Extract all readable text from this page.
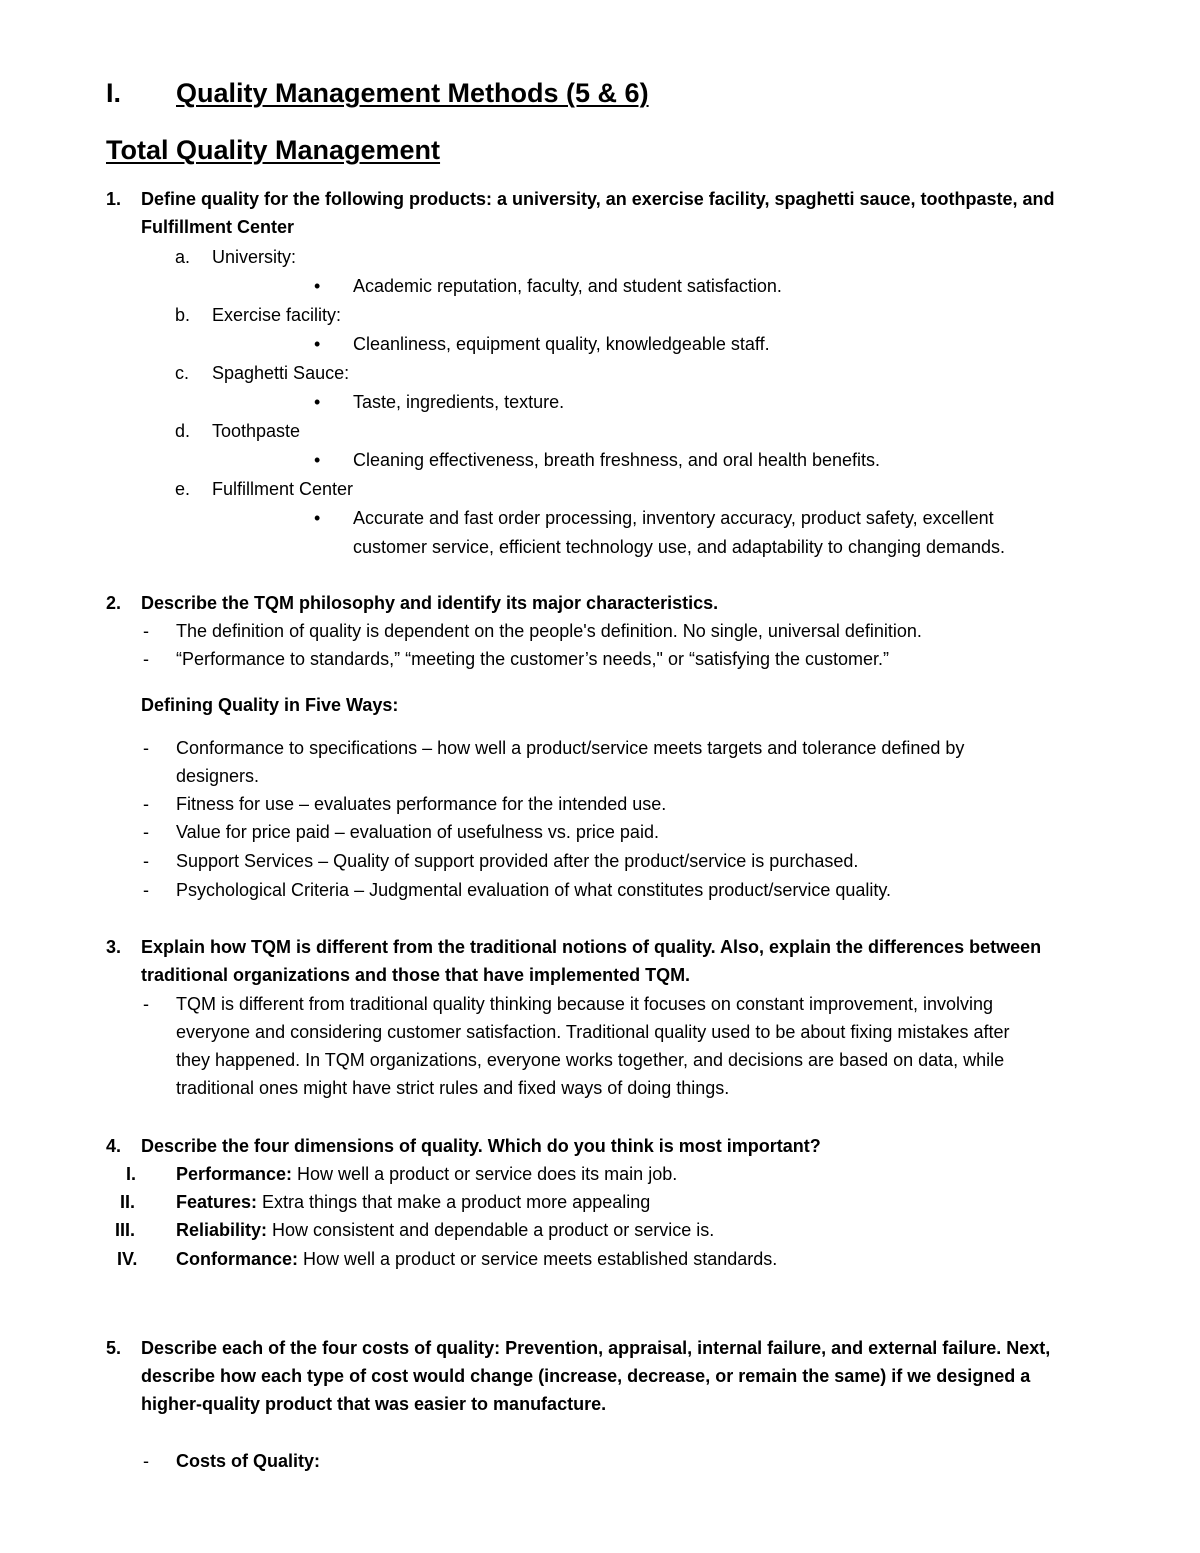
I. Quality Management Methods (5 & 6)
Total Quality Management
1. Define quality for the following products: a university, an exercise facility, spaghetti sauce, toothpaste, and
Fulfillment Center
a. University:
• Academic reputation, faculty, and student satisfaction.
b. Exercise facility:
• Cleanliness, equipment quality, knowledgeable staff.
c. Spaghetti Sauce:
• Taste, ingredients, texture.
d. Toothpaste
• Cleaning effectiveness, breath freshness, and oral health benefits.
e. Fulfillment Center
• Accurate and fast order processing, inventory accuracy, product safety, excellent
customer service, efficient technology use, and adaptability to changing demands.
2. Describe the TQM philosophy and identify its major characteristics.
- The definition of quality is dependent on the people's definition. No single, universal definition.
- “Performance to standards,” “meeting the customer’s needs," or “satisfying the customer.”
Defining Quality in Five Ways:
- Conformance to specifications – how well a product/service meets targets and tolerance defined by
designers.
- Fitness for use – evaluates performance for the intended use.
- Value for price paid – evaluation of usefulness vs. price paid.
- Support Services – Quality of support provided after the product/service is purchased.
- Psychological Criteria – Judgmental evaluation of what constitutes product/service quality.
3. Explain how TQM is different from the traditional notions of quality. Also, explain the differences between
traditional organizations and those that have implemented TQM.
- TQM is different from traditional quality thinking because it focuses on constant improvement, involving
everyone and considering customer satisfaction. Traditional quality used to be about fixing mistakes after
they happened. In TQM organizations, everyone works together, and decisions are based on data, while
traditional ones might have strict rules and fixed ways of doing things.
4. Describe the four dimensions of quality. Which do you think is most important?
I. Performance: How well a product or service does its main job.
II. Features: Extra things that make a product more appealing
III. Reliability: How consistent and dependable a product or service is.
IV. Conformance: How well a product or service meets established standards.
5. Describe each of the four costs of quality: Prevention, appraisal, internal failure, and external failure. Next,
describe how each type of cost would change (increase, decrease, or remain the same) if we designed a
higher-quality product that was easier to manufacture.
- Costs of Quality:
